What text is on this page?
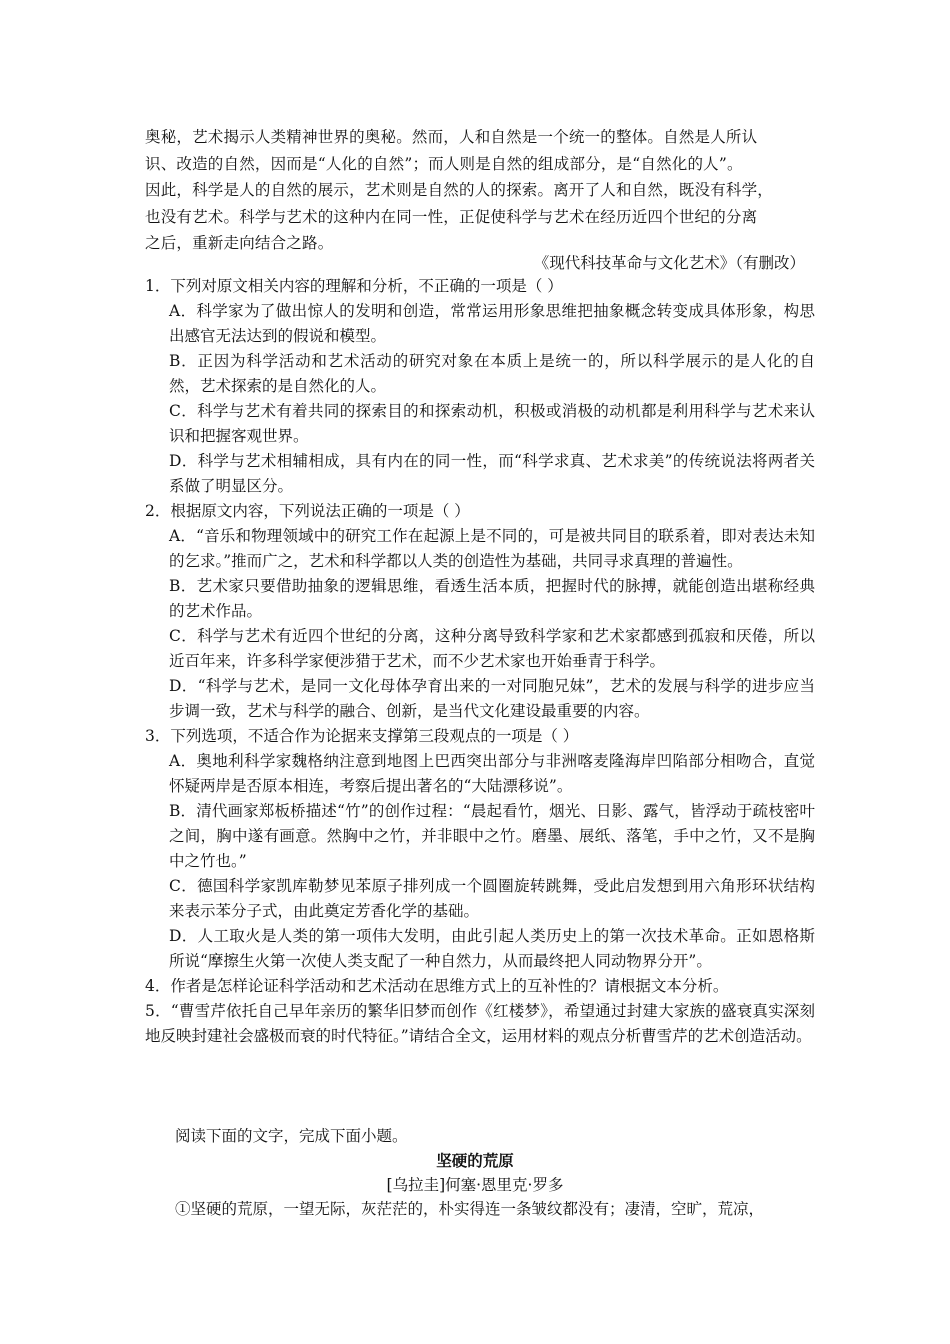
奥秘，艺术揭示人类精神世界的奥秘。然而，人和自然是一个统一的整体。自然是人所认

识、改造的自然，因而是“人化的自然”；而人则是自然的组成部分，是“自然化的人”。

因此，科学是人的自然的展示，艺术则是自然的人的探索。离开了人和自然，既没有科学，

也没有艺术。科学与艺术的这种内在同一性，正促使科学与艺术在经历近四个世纪的分离

之后，重新走向结合之路。

《现代科技革命与文化艺术》（有删改）

1．下列对原文相关内容的理解和分析，不正确的一项是（ ）

A．科学家为了做出惊人的发明和创造，常常运用形象思维把抽象概念转变成具体形象，构思出感官无法达到的假说和模型。

B．正因为科学活动和艺术活动的研究对象在本质上是统一的，所以科学展示的是人化的自然，艺术探索的是自然化的人。

C．科学与艺术有着共同的探索目的和探索动机，积极或消极的动机都是利用科学与艺术来认识和把握客观世界。

D．科学与艺术相辅相成，具有内在的同一性，而“科学求真、艺术求美”的传统说法将两者关系做了明显区分。

2．根据原文内容，下列说法正确的一项是（ ）

A．“音乐和物理领域中的研究工作在起源上是不同的，可是被共同目的联系着，即对表达未知的乞求。”推而广之，艺术和科学都以人类的创造性为基础，共同寻求真理的普遍性。

B．艺术家只要借助抽象的逻辑思维，看透生活本质，把握时代的脉搏，就能创造出堪称经典的艺术作品。

C．科学与艺术有近四个世纪的分离，这种分离导致科学家和艺术家都感到孤寂和厌倦，所以近百年来，许多科学家便涉猎于艺术，而不少艺术家也开始垂青于科学。

D．“科学与艺术，是同一文化母体孕育出来的一对同胞兄妹”，艺术的发展与科学的进步应当步调一致，艺术与科学的融合、创新，是当代文化建设最重要的内容。

3．下列选项，不适合作为论据来支撑第三段观点的一项是（ ）

A．奥地利科学家魏格纳注意到地图上巴西突出部分与非洲喀麦隆海岸凹陷部分相吻合，直觉怀疑两岸是否原本相连，考察后提出著名的“大陆漂移说”。

B．清代画家郑板桥描述“竹”的创作过程：“晨起看竹，烟光、日影、露气，皆浮动于疏枝密叶之间，胸中遂有画意。然胸中之竹，并非眼中之竹。磨墨、展纸、落笔，手中之竹，又不是胸中之竹也。”

C．德国科学家凯库勒梦见苯原子排列成一个圆圈旋转跳舞，受此启发想到用六角形环状结构来表示苯分子式，由此奠定芳香化学的基础。

D．人工取火是人类的第一项伟大发明，由此引起人类历史上的第一次技术革命。正如恩格斯所说“摩擦生火第一次使人类支配了一种自然力，从而最终把人同动物界分开”。

4．作者是怎样论证科学活动和艺术活动在思维方式上的互补性的？请根据文本分析。

5．“曹雪芹依托自己早年亲历的繁华旧梦而创作《红楼梦》，希望通过封建大家族的盛衰真实深刻地反映封建社会盛极而衰的时代特征。”请结合全文，运用材料的观点分析曹雪芹的艺术创造活动。

阅读下面的文字，完成下面小题。
坚硬的荒原
[乌拉圭]何塞·恩里克·罗多
①坚硬的荒原，一望无际，灰茫茫的，朴实得连一条皱纹都没有；凄清，空旷，荒凉，
